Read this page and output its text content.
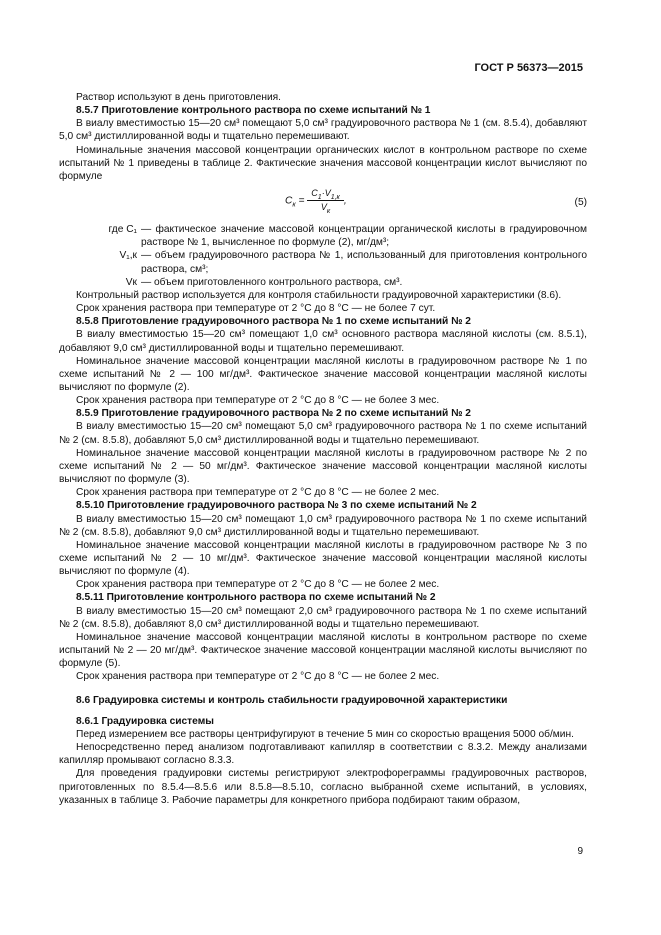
ГОСТ Р 56373—2015

Раствор используют в день приготовления.

8.5.7 Приготовление контрольного раствора по схеме испытаний № 1

В виалу вместимостью 15—20 см³ помещают 5,0 см³ градуировочного раствора № 1 (см. 8.5.4), добавляют 5,0 см³ дистиллированной воды и тщательно перемешивают.

Номинальные значения массовой концентрации органических кислот в контрольном растворе по схеме испытаний № 1 приведены в таблице 2. Фактические значения массовой концентрации кислот вычисляют по формуле

$C_к = \frac{C_1\cdot V_{1,к}}{V_к}$ ,	(5)
где C₁ — фактическое значение массовой концентрации органической кислоты в градуировочном растворе № 1, вычисленное по формуле (2), мг/дм³;
V₁,к — объем градуировочного раствора № 1, использованный для приготовления контрольного раствора, см³;
Vк — объем приготовленного контрольного раствора, см³.

Контрольный раствор используется для контроля стабильности градуировочной характеристики (8.6).

Срок хранения раствора при температуре от 2 °С до 8 °С — не более 7 сут.

8.5.8 Приготовление градуировочного раствора № 1 по схеме испытаний № 2

В виалу вместимостью 15—20 см³ помещают 1,0 см³ основного раствора масляной кислоты (см. 8.5.1), добавляют 9,0 см³ дистиллированной воды и тщательно перемешивают.

Номинальное значение массовой концентрации масляной кислоты в градуировочном растворе № 1 по схеме испытаний № 2 — 100 мг/дм³. Фактическое значение массовой концентрации масляной кислоты вычисляют по формуле (2).

Срок хранения раствора при температуре от 2 °С до 8 °С — не более 3 мес.

8.5.9 Приготовление градуировочного раствора № 2 по схеме испытаний № 2

В виалу вместимостью 15—20 см³ помещают 5,0 см³ градуировочного раствора № 1 по схеме испытаний № 2 (см. 8.5.8), добавляют 5,0 см³ дистиллированной воды и тщательно перемешивают.

Номинальное значение массовой концентрации масляной кислоты в градуировочном растворе № 2 по схеме испытаний № 2 — 50 мг/дм³. Фактическое значение массовой концентрации масляной кислоты вычисляют по формуле (3).

Срок хранения раствора при температуре от 2 °С до 8 °С — не более 2 мес.

8.5.10 Приготовление градуировочного раствора № 3 по схеме испытаний № 2

В виалу вместимостью 15—20 см³ помещают 1,0 см³ градуировочного раствора № 1 по схеме испытаний № 2 (см. 8.5.8), добавляют 9,0 см³ дистиллированной воды и тщательно перемешивают.

Номинальное значение массовой концентрации масляной кислоты в градуировочном растворе № 3 по схеме испытаний № 2 — 10 мг/дм³. Фактическое значение массовой концентрации масляной кислоты вычисляют по формуле (4).

Срок хранения раствора при температуре от 2 °С до 8 °С — не более 2 мес.

8.5.11 Приготовление контрольного раствора по схеме испытаний № 2

В виалу вместимостью 15—20 см³ помещают 2,0 см³ градуировочного раствора № 1 по схеме испытаний № 2 (см. 8.5.8), добавляют 8,0 см³ дистиллированной воды и тщательно перемешивают.

Номинальное значение массовой концентрации масляной кислоты в контрольном растворе по схеме испытаний № 2 — 20 мг/дм³. Фактическое значение массовой концентрации масляной кислоты вычисляют по формуле (5).

Срок хранения раствора при температуре от 2 °С до 8 °С — не более 2 мес.

8.6 Градуировка системы и контроль стабильности градуировочной характеристики

8.6.1 Градуировка системы

Перед измерением все растворы центрифугируют в течение 5 мин со скоростью вращения 5000 об/мин.

Непосредственно перед анализом подготавливают капилляр в соответствии с 8.3.2. Между анализами капилляр промывают согласно 8.3.3.

Для проведения градуировки системы регистрируют электрофореграммы градуировочных растворов, приготовленных по 8.5.4—8.5.6 или 8.5.8—8.5.10, согласно выбранной схеме испытаний, в условиях, указанных в таблице 3. Рабочие параметры для конкретного прибора подбирают таким образом,

9
